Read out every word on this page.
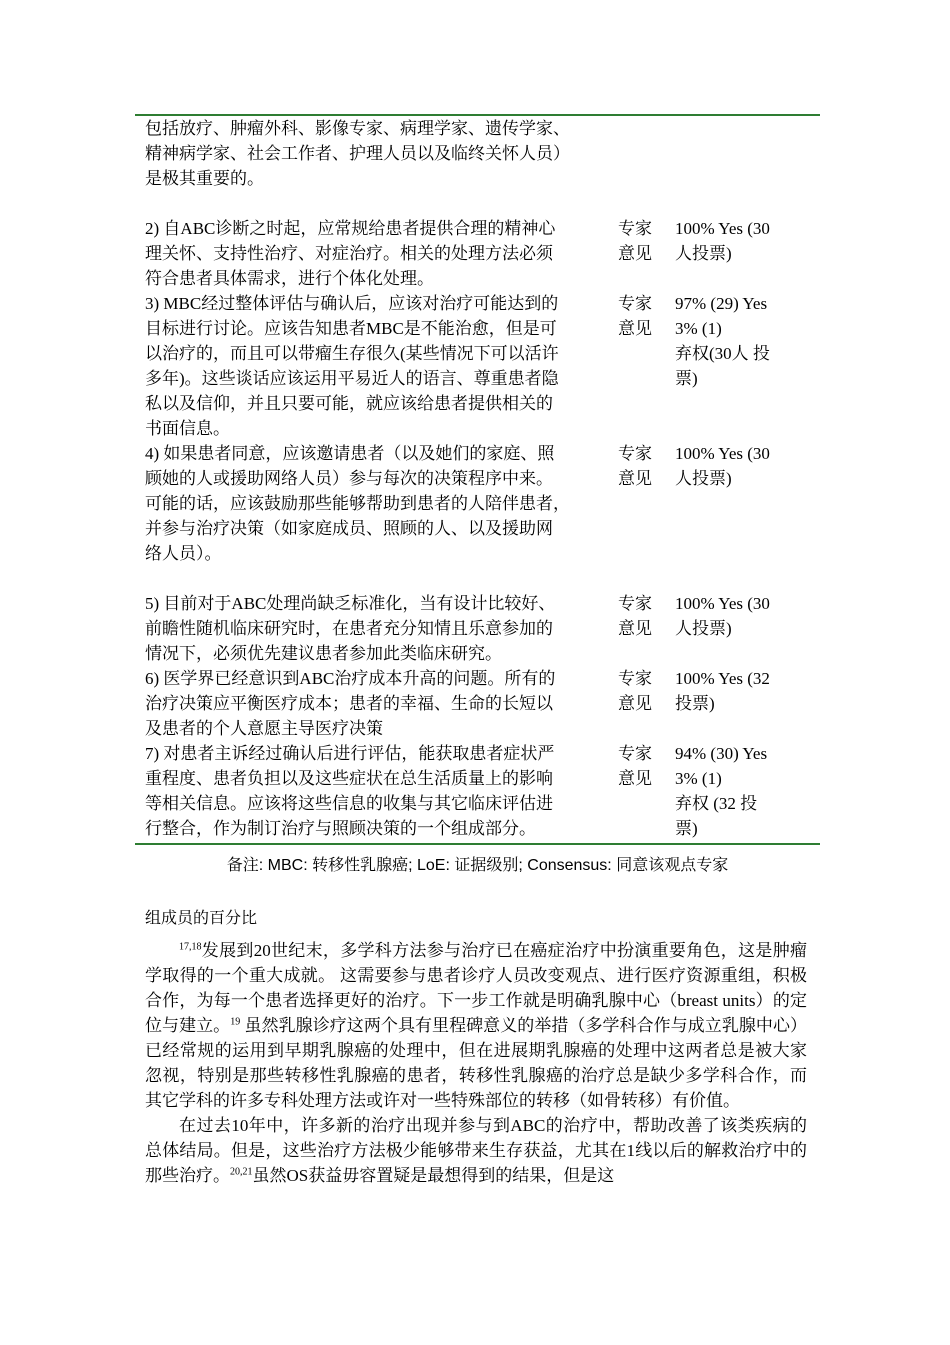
包括放疗、肿瘤外科、影像专家、病理学家、遗传学家、
精神病学家、社会工作者、护理人员以及临终关怀人员）
是极其重要的。
2) 自ABC诊断之时起，应常规给患者提供合理的精神心
理关怀、支持性治疗、对症治疗。相关的处理方法必须
符合患者具体需求，进行个体化处理。
专家
意见
100% Yes (30
人投票)
3) MBC经过整体评估与确认后，应该对治疗可能达到的
目标进行讨论。应该告知患者MBC是不能治愈，但是可
以治疗的，而且可以带瘤生存很久(某些情况下可以活许
多年)。这些谈话应该运用平易近人的语言、尊重患者隐
私以及信仰，并且只要可能，就应该给患者提供相关的
书面信息。
专家
意见
97% (29) Yes
3% (1)
弃权(30人 投
票)
4) 如果患者同意，应该邀请患者（以及她们的家庭、照
顾她的人或援助网络人员）参与每次的决策程序中来。
可能的话，应该鼓励那些能够帮助到患者的人陪伴患者，
并参与治疗决策（如家庭成员、照顾的人、以及援助网
络人员）。
专家
意见
100% Yes (30
人投票)
5) 目前对于ABC处理尚缺乏标准化，当有设计比较好、
前瞻性随机临床研究时，在患者充分知情且乐意参加的
情况下，必须优先建议患者参加此类临床研究。
专家
意见
100% Yes (30
人投票)
6) 医学界已经意识到ABC治疗成本升高的问题。所有的
治疗决策应平衡医疗成本；患者的幸福、生命的长短以
及患者的个人意愿主导医疗决策
专家
意见
100% Yes (32
投票)
7) 对患者主诉经过确认后进行评估，能获取患者症状严
重程度、患者负担以及这些症状在总生活质量上的影响
等相关信息。应该将这些信息的收集与其它临床评估进
行整合，作为制订治疗与照顾决策的一个组成部分。
专家
意见
94% (30) Yes
3% (1)
弃权 (32 投
票)
备注: MBC: 转移性乳腺癌; LoE: 证据级别; Consensus: 同意该观点专家
组成员的百分比

$^{17,18}$发展到20世纪末，多学科方法参与治疗已在癌症治疗中扮演重要角色，这是肿瘤学取得的一个重大成就。 这需要参与患者诊疗人员改变观点、进行医疗资源重组，积极合作，为每一个患者选择更好的治疗。下一步工作就是明确乳腺中心（breast units）的定位与建立。$^{19}$ 虽然乳腺诊疗这两个具有里程碑意义的举措（多学科合作与成立乳腺中心）已经常规的运用到早期乳腺癌的处理中，但在进展期乳腺癌的处理中这两者总是被大家忽视，特别是那些转移性乳腺癌的患者，转移性乳腺癌的治疗总是缺少多学科合作，而其它学科的许多专科处理方法或许对一些特殊部位的转移（如骨转移）有价值。

在过去10年中，许多新的治疗出现并参与到ABC的治疗中，帮助改善了该类疾病的总体结局。但是，这些治疗方法极少能够带来生存获益，尤其在1线以后的解救治疗中的那些治疗。$^{20,21}$虽然OS获益毋容置疑是最想得到的结果，但是这
